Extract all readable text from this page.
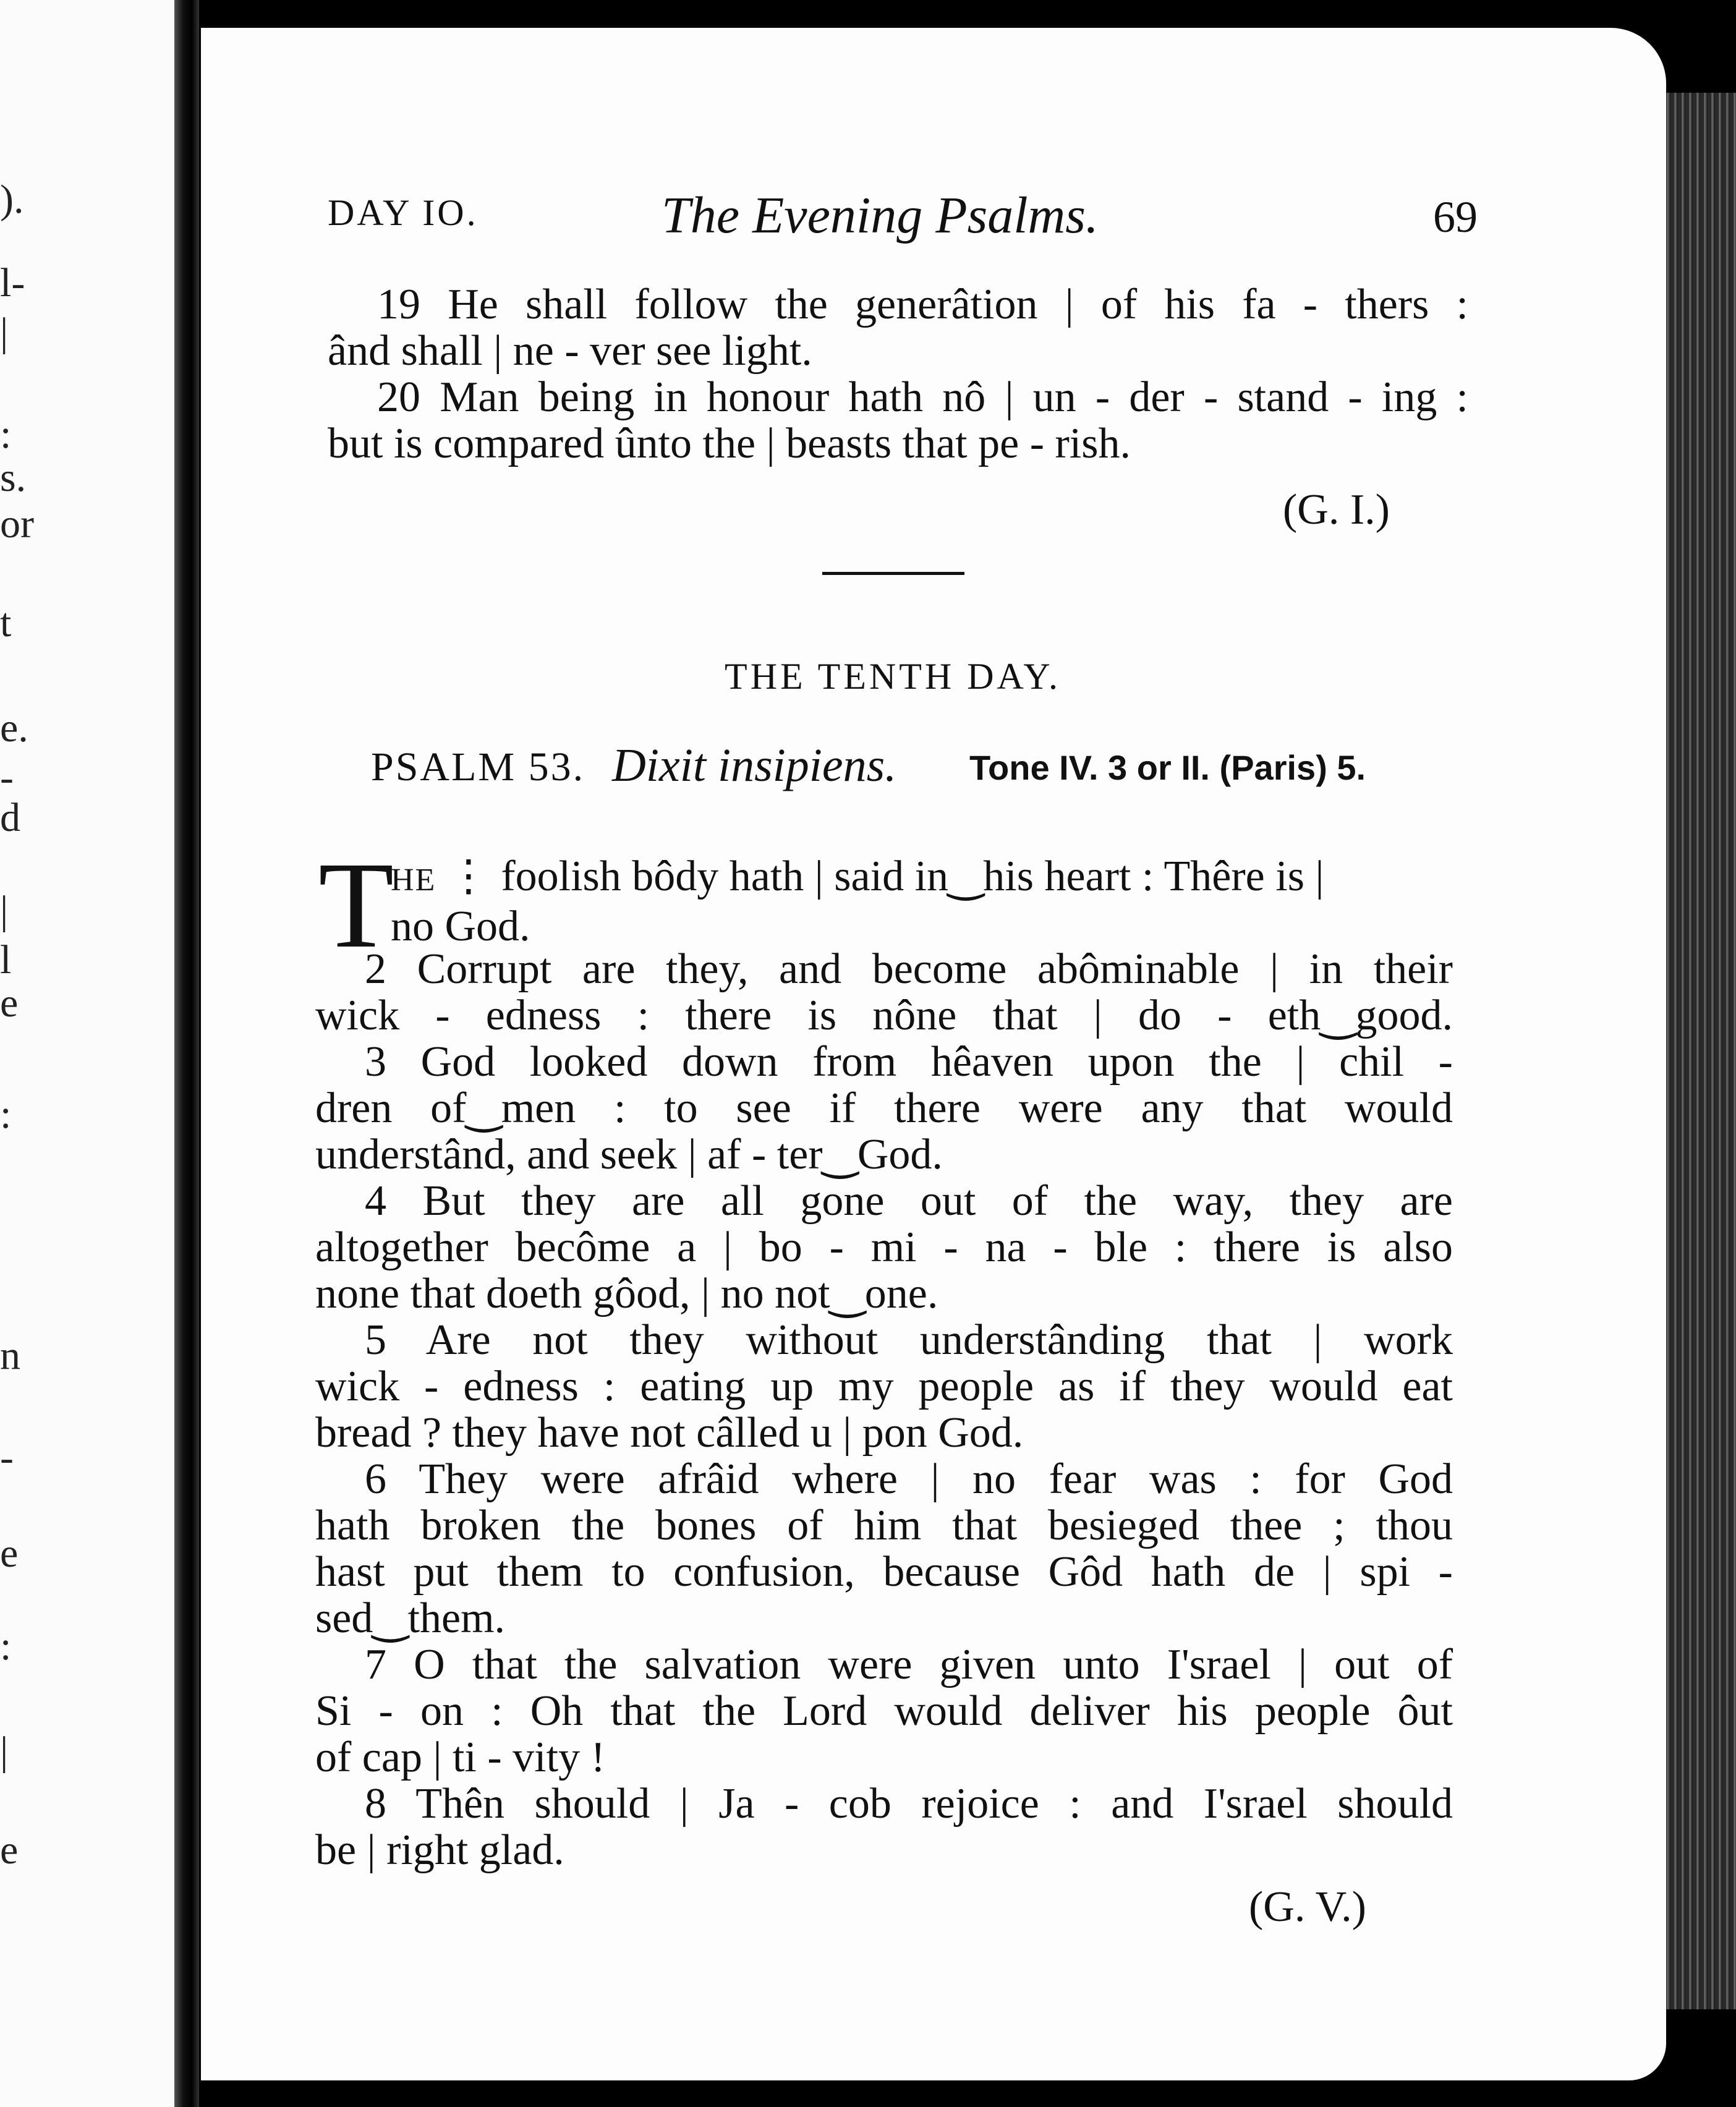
).
l-
|
:
s.
or
t
e.
-
d
|
l
e
:
n
-
e
:
|
e
DAY IO.	The Evening Psalms.	69
19 He shall follow the generâtion | of his fa - thers :
ând shall | ne - ver see light.
20 Man being in honour hath nô | un - der - stand - ing :
but is compared ûnto the | beasts that pe - rish.
(G. I.)
THE TENTH DAY.
PSALM 53. Dixit insipiens. Tone IV. 3 or II. (Paris) 5.
T
HE ⋮ foolish bôdy hath | said in‿his heart : Thêre is |
no God.
2 Corrupt are they, and become abôminable | in their
wick - edness : there is nône that | do - eth‿good.
3 God looked down from hêaven upon the | chil -
dren of‿men : to see if there were any that would
understând, and seek | af - ter‿God.
4 But they are all gone out of the way, they are
altogether becôme a | bo - mi - na - ble : there is also
none that doeth gôod, | no not‿one.
5 Are not they without understânding that | work
wick - edness : eating up my people as if they would eat
bread ? they have not câlled u | pon God.
6 They were afrâid where | no fear was : for God
hath broken the bones of him that besieged thee ; thou
hast put them to confusion, because Gôd hath de | spi -
sed‿them.
7 O that the salvation were given unto I'srael | out of
Si - on : Oh that the Lord would deliver his people ôut
of cap | ti - vity !
8 Thên should | Ja - cob rejoice : and I'srael should
be | right glad.
(G. V.)
